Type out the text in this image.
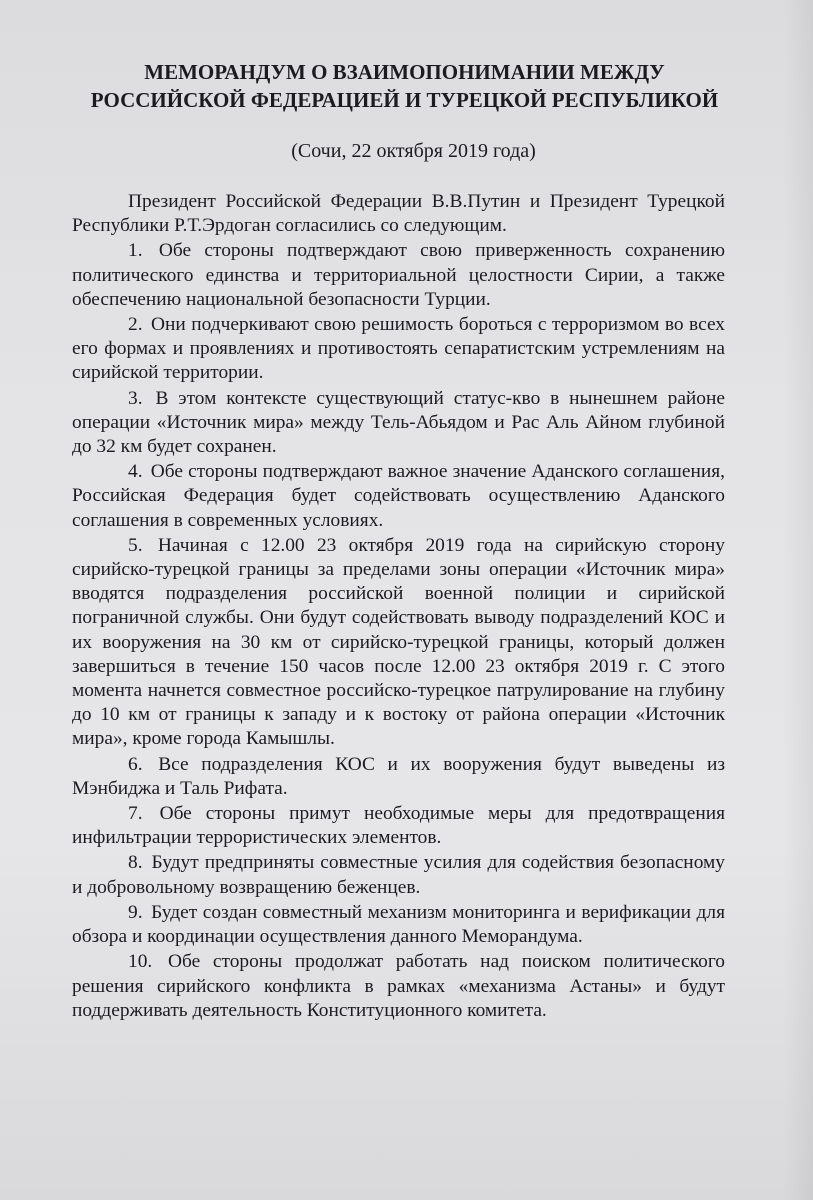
МЕМОРАНДУМ О ВЗАИМОПОНИМАНИИ МЕЖДУ
РОССИЙСКОЙ ФЕДЕРАЦИЕЙ И ТУРЕЦКОЙ РЕСПУБЛИКОЙ
(Сочи, 22 октября 2019 года)

Президент Российской Федерации В.В.Путин и Президент Турецкой Республики Р.Т.Эрдоган согласились со следующим.

1. Обе стороны подтверждают свою приверженность сохранению политического единства и территориальной целостности Сирии, а также обеспечению национальной безопасности Турции.

2. Они подчеркивают свою решимость бороться с терроризмом во всех его формах и проявлениях и противостоять сепаратистским устремлениям на сирийской территории.

3. В этом контексте существующий статус-кво в нынешнем районе операции «Источник мира» между Тель-Абьядом и Рас Аль Айном глубиной до 32 км будет сохранен.

4. Обе стороны подтверждают важное значение Аданского соглашения, Российская Федерация будет содействовать осуществлению Аданского соглашения в современных условиях.

5. Начиная с 12.00 23 октября 2019 года на сирийскую сторону сирийско-турецкой границы за пределами зоны операции «Источник мира» вводятся подразделения российской военной полиции и сирийской пограничной службы. Они будут содействовать выводу подразделений КОС и их вооружения на 30 км от сирийско-турецкой границы, который должен завершиться в течение 150 часов после 12.00 23 октября 2019 г. С этого момента начнется совместное российско-турецкое патрулирование на глубину до 10 км от границы к западу и к востоку от района операции «Источник мира», кроме города Камышлы.

6. Все подразделения КОС и их вооружения будут выведены из Мэнбиджа и Таль Рифата.

7. Обе стороны примут необходимые меры для предотвращения инфильтрации террористических элементов.

8. Будут предприняты совместные усилия для содействия безопасному и добровольному возвращению беженцев.

9. Будет создан совместный механизм мониторинга и верификации для обзора и координации осуществления данного Меморандума.

10. Обе стороны продолжат работать над поиском политического решения сирийского конфликта в рамках «механизма Астаны» и будут поддерживать деятельность Конституционного комитета.
